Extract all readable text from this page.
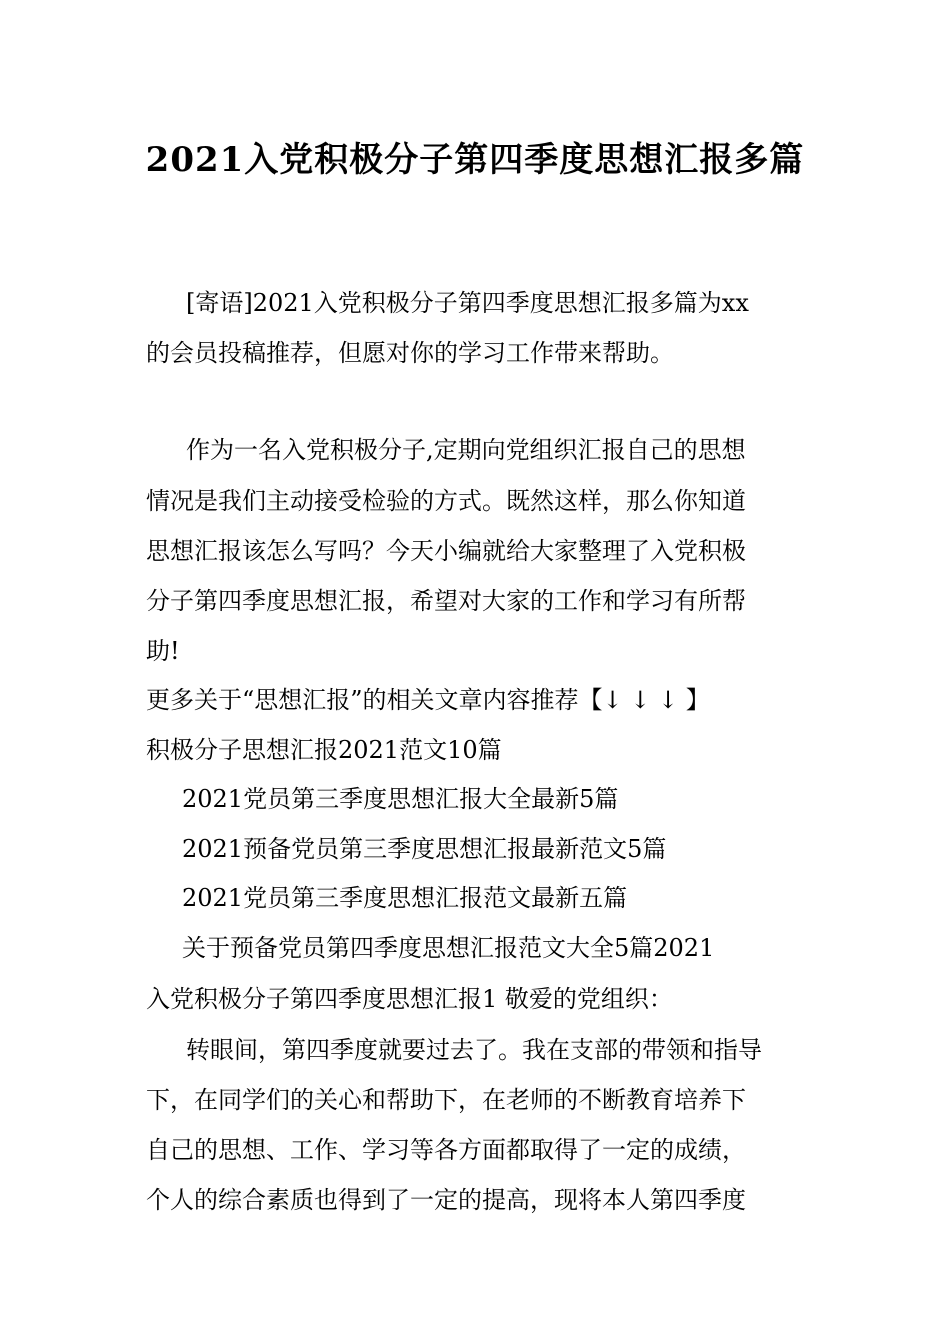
2021入党积极分子第四季度思想汇报多篇
[寄语]2021入党积极分子第四季度思想汇报多篇为xx
的会员投稿推荐，但愿对你的学习工作带来帮助。
作为一名入党积极分子,定期向党组织汇报自己的思想
情况是我们主动接受检验的方式。既然这样，那么你知道
思想汇报该怎么写吗？今天小编就给大家整理了入党积极
分子第四季度思想汇报，希望对大家的工作和学习有所帮
助!
更多关于“思想汇报”的相关文章内容推荐【↓ ↓ ↓ 】
积极分子思想汇报2021范文10篇
2021党员第三季度思想汇报大全最新5篇
2021预备党员第三季度思想汇报最新范文5篇
2021党员第三季度思想汇报范文最新五篇
关于预备党员第四季度思想汇报范文大全5篇2021
入党积极分子第四季度思想汇报1 敬爱的党组织：
转眼间，第四季度就要过去了。我在支部的带领和指导
下，在同学们的关心和帮助下，在老师的不断教育培养下
自己的思想、工作、学习等各方面都取得了一定的成绩，
个人的综合素质也得到了一定的提高，现将本人第四季度
